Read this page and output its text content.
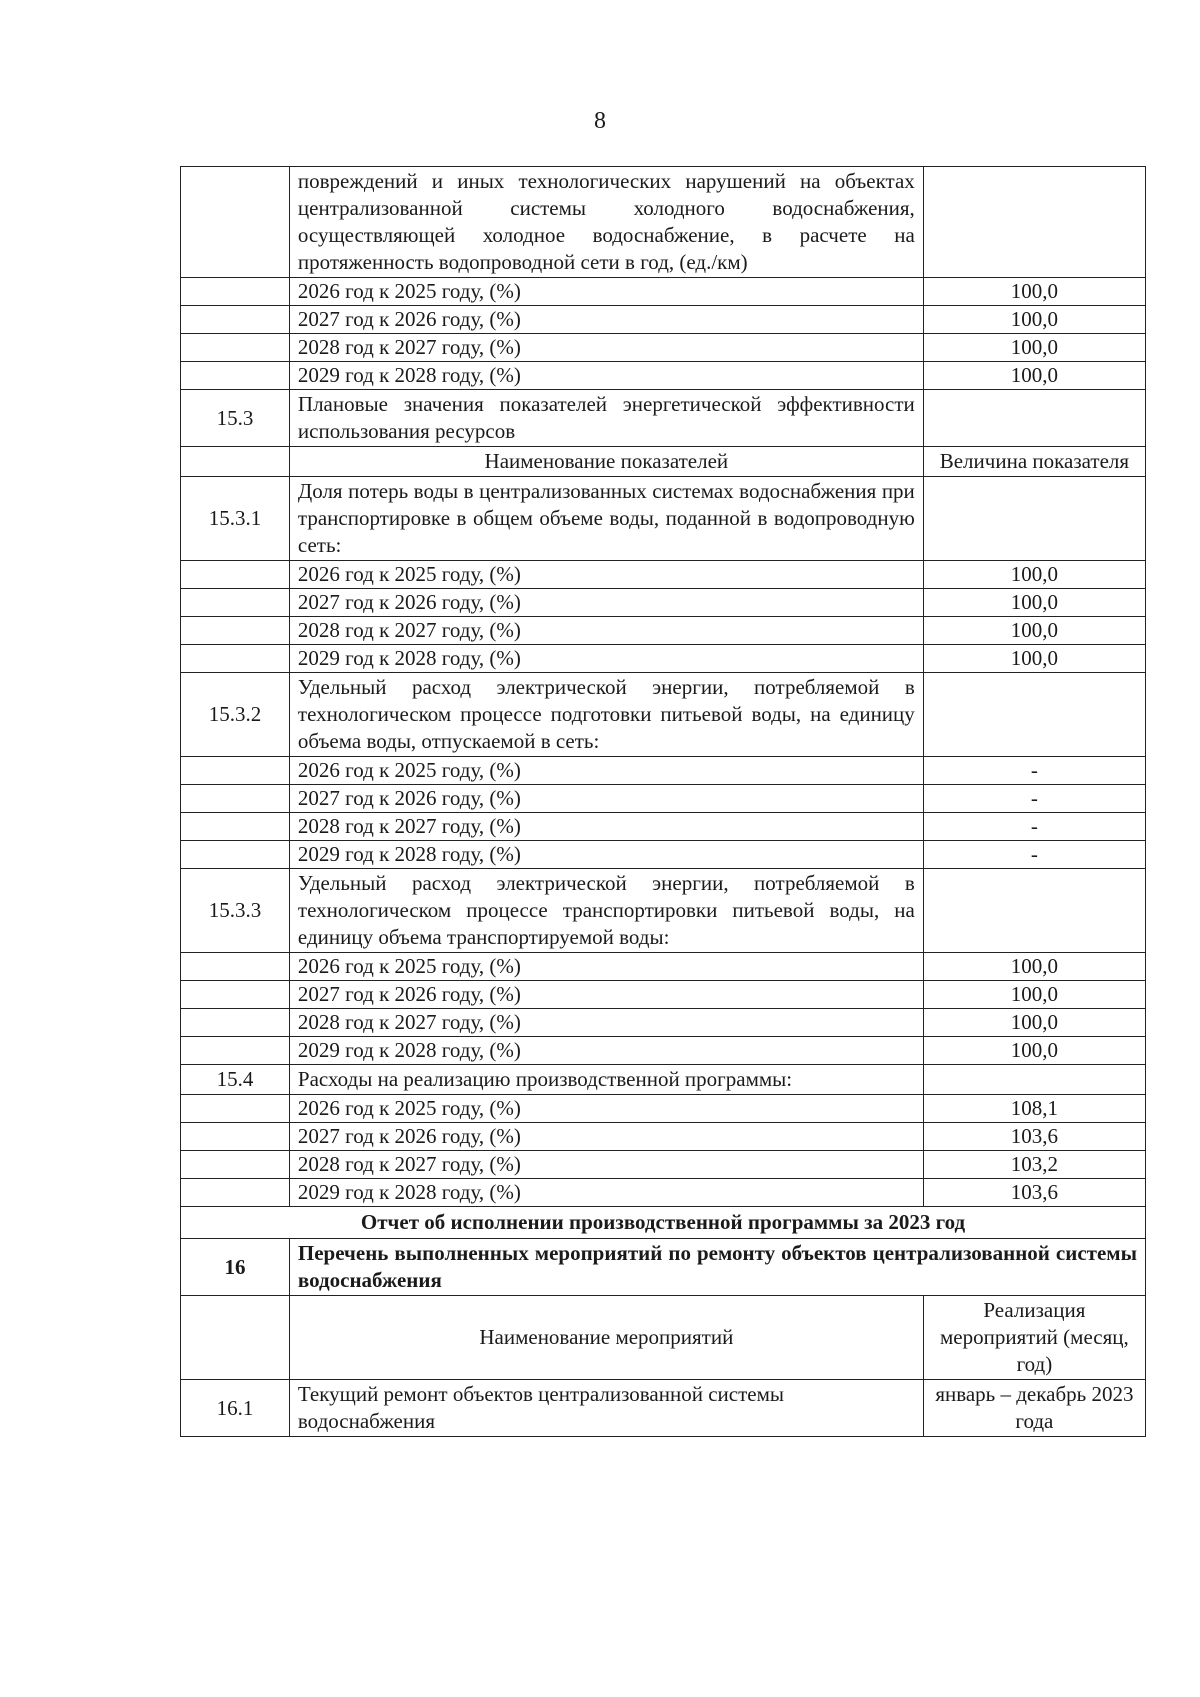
8
	повреждений и иных технологических нарушений на объектах централизованной системы холодного водоснабжения, осуществляющей холодное водоснабжение, в расчете на протяженность водопроводной сети в год, (ед./км)	
	2026 год к 2025 году, (%)	100,0
	2027 год к 2026 году, (%)	100,0
	2028 год к 2027 году, (%)	100,0
	2029 год к 2028 году, (%)	100,0
15.3	Плановые значения показателей энергетической эффективности использования ресурсов	
	Наименование показателей	Величина показателя
15.3.1	Доля потерь воды в централизованных системах водоснабжения при транспортировке в общем объеме воды, поданной в водопроводную сеть:	
	2026 год к 2025 году, (%)	100,0
	2027 год к 2026 году, (%)	100,0
	2028 год к 2027 году, (%)	100,0
	2029 год к 2028 году, (%)	100,0
15.3.2	Удельный расход электрической энергии, потребляемой в технологическом процессе подготовки питьевой воды, на единицу объема воды, отпускаемой в сеть:	
	2026 год к 2025 году, (%)	-
	2027 год к 2026 году, (%)	-
	2028 год к 2027 году, (%)	-
	2029 год к 2028 году, (%)	-
15.3.3	Удельный расход электрической энергии, потребляемой в технологическом процессе транспортировки питьевой воды, на единицу объема транспортируемой воды:	
	2026 год к 2025 году, (%)	100,0
	2027 год к 2026 году, (%)	100,0
	2028 год к 2027 году, (%)	100,0
	2029 год к 2028 году, (%)	100,0
15.4	Расходы на реализацию производственной программы:	
	2026 год к 2025 году, (%)	108,1
	2027 год к 2026 году, (%)	103,6
	2028 год к 2027 году, (%)	103,2
	2029 год к 2028 году, (%)	103,6
Отчет об исполнении производственной программы за 2023 год		
16	Перечень выполненных мероприятий по ремонту объектов централизованной системы водоснабжения	
	Наименование мероприятий	Реализация мероприятий (месяц, год)
16.1	Текущий ремонт объектов централизованной системы водоснабжения	январь – декабрь 2023 года
